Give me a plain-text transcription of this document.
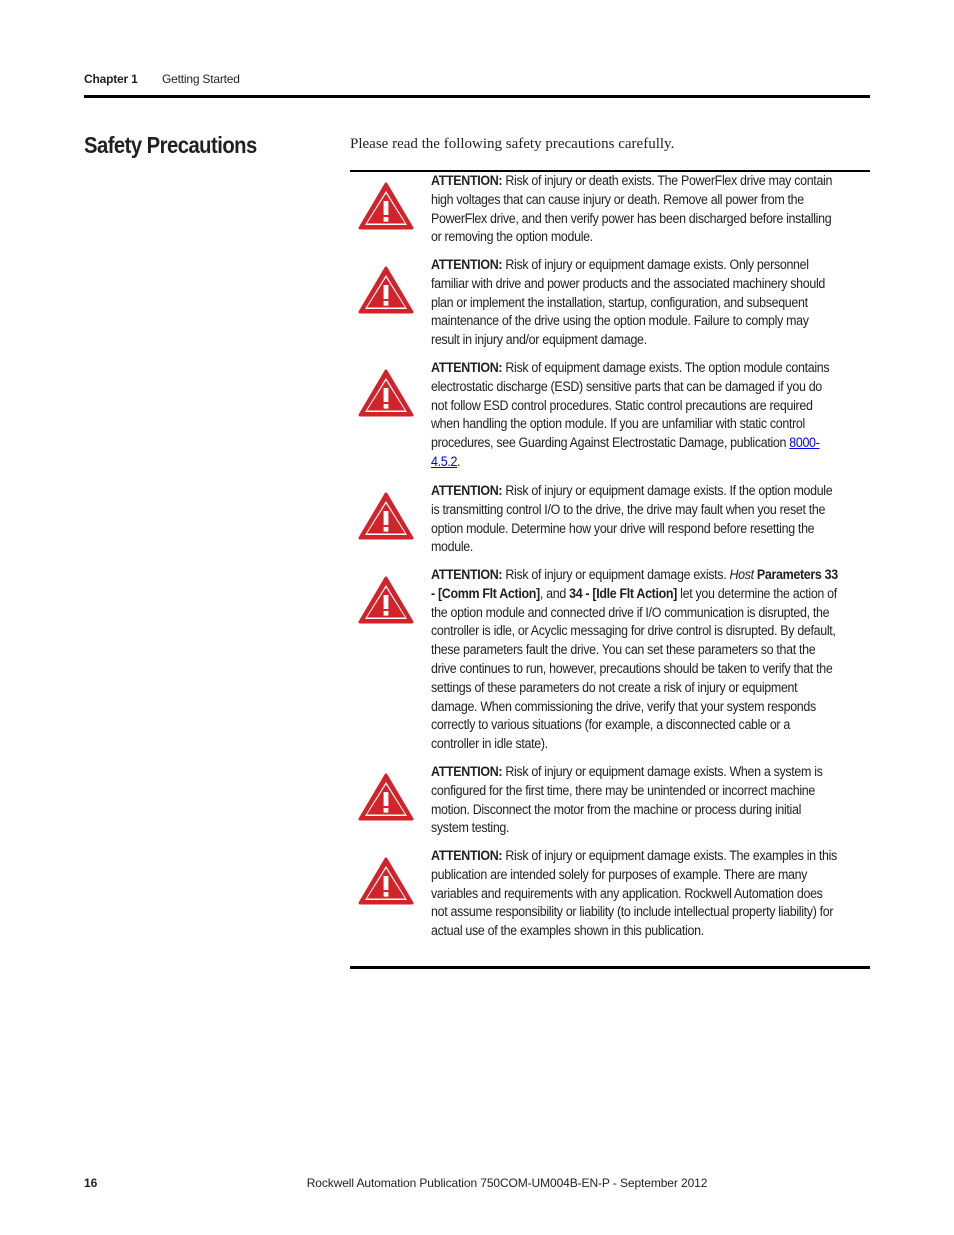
Chapter 1	Getting Started
Safety Precautions	Please read the following safety precautions carefully.
ATTENTION: Risk of injury or death exists. The PowerFlex drive may contain high voltages that can cause injury or death. Remove all power from the PowerFlex drive, and then verify power has been discharged before installing or removing the option module.
ATTENTION: Risk of injury or equipment damage exists. Only personnel familiar with drive and power products and the associated machinery should plan or implement the installation, startup, configuration, and subsequent maintenance of the drive using the option module. Failure to comply may result in injury and/or equipment damage.
ATTENTION: Risk of equipment damage exists. The option module contains electrostatic discharge (ESD) sensitive parts that can be damaged if you do not follow ESD control procedures. Static control precautions are required when handling the option module. If you are unfamiliar with static control procedures, see Guarding Against Electrostatic Damage, publication 8000-4.5.2.
ATTENTION: Risk of injury or equipment damage exists. If the option module is transmitting control I/O to the drive, the drive may fault when you reset the option module. Determine how your drive will respond before resetting the module.
ATTENTION: Risk of injury or equipment damage exists. Host Parameters 33 - [Comm Flt Action], and 34 - [Idle Flt Action] let you determine the action of the option module and connected drive if I/O communication is disrupted, the controller is idle, or Acyclic messaging for drive control is disrupted. By default, these parameters fault the drive. You can set these parameters so that the drive continues to run, however, precautions should be taken to verify that the settings of these parameters do not create a risk of injury or equipment damage. When commissioning the drive, verify that your system responds correctly to various situations (for example, a disconnected cable or a controller in idle state).
ATTENTION: Risk of injury or equipment damage exists. When a system is configured for the first time, there may be unintended or incorrect machine motion. Disconnect the motor from the machine or process during initial system testing.
ATTENTION: Risk of injury or equipment damage exists. The examples in this publication are intended solely for purposes of example. There are many variables and requirements with any application. Rockwell Automation does not assume responsibility or liability (to include intellectual property liability) for actual use of the examples shown in this publication.
16	Rockwell Automation Publication 750COM-UM004B-EN-P - September 2012
